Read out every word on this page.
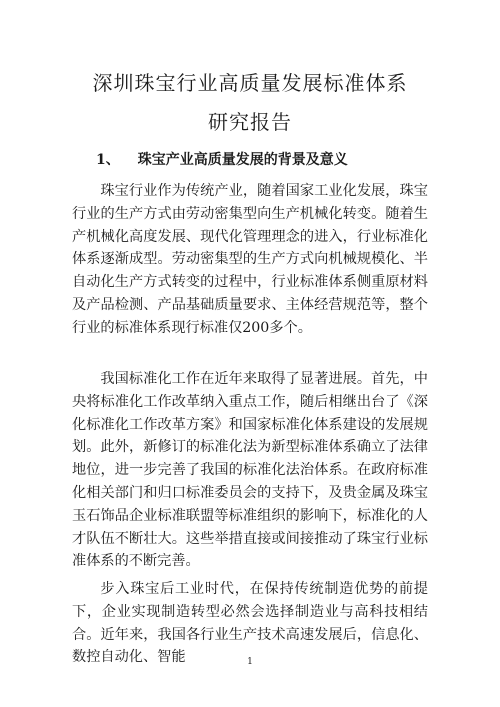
深圳珠宝行业高质量发展标准体系
研究报告
1、 珠宝产业高质量发展的背景及意义

珠宝行业作为传统产业，随着国家工业化发展，珠宝行业的生产方式由劳动密集型向生产机械化转变。随着生产机械化高度发展、现代化管理理念的进入，行业标准化体系逐渐成型。劳动密集型的生产方式向机械规模化、半自动化生产方式转变的过程中，行业标准体系侧重原材料及产品检测、产品基础质量要求、主体经营规范等，整个行业的标准体系现行标准仅200多个。

我国标准化工作在近年来取得了显著进展。首先，中央将标准化工作改革纳入重点工作，随后相继出台了《深化标准化工作改革方案》和国家标准化体系建设的发展规划。此外，新修订的标准化法为新型标准体系确立了法律地位，进一步完善了我国的标准化法治体系。在政府标准化相关部门和归口标准委员会的支持下，及贵金属及珠宝玉石饰品企业标准联盟等标准组织的影响下，标准化的人才队伍不断壮大。这些举措直接或间接推动了珠宝行业标准体系的不断完善。

步入珠宝后工业时代，在保持传统制造优势的前提下，企业实现制造转型必然会选择制造业与高科技相结合。近年来，我国各行业生产技术高速发展后，信息化、数控自动化、智能	1
